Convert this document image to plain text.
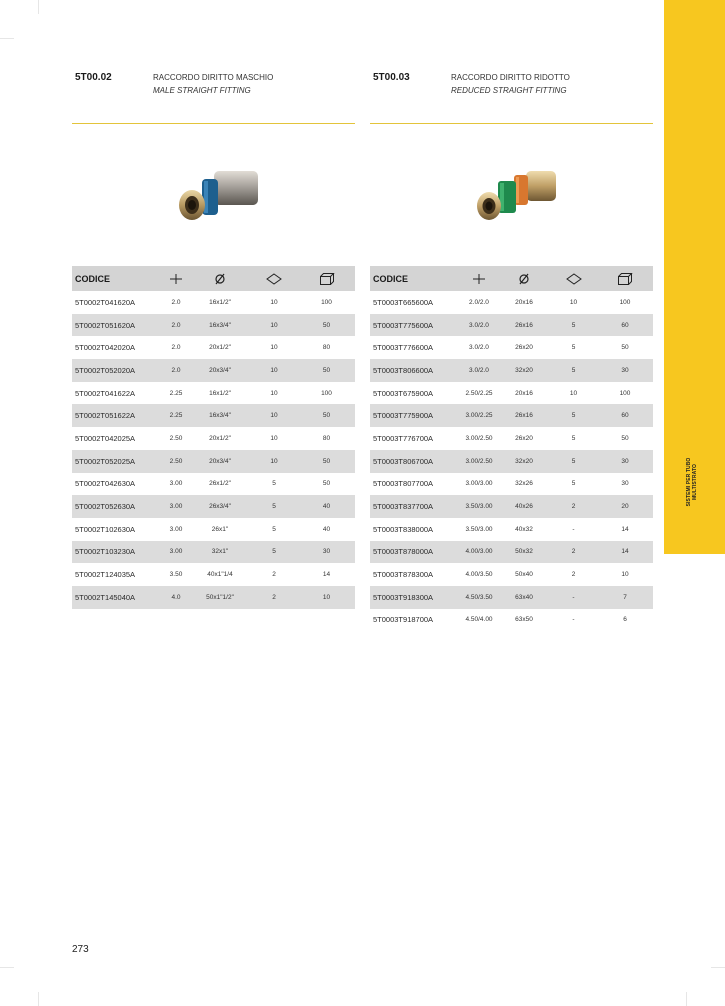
SISTEMI PER TUBO
MULTISTRATO
5T00.02	RACCORDO DIRITTO MASCHIO
MALE STRAIGHT FITTING
CODICE	

5T0002T041620A	2.0	16x1/2"	10	100
5T0002T051620A	2.0	16x3/4"	10	50
5T0002T042020A	2.0	20x1/2"	10	80
5T0002T052020A	2.0	20x3/4"	10	50
5T0002T041622A	2.25	16x1/2"	10	100
5T0002T051622A	2.25	16x3/4"	10	50
5T0002T042025A	2.50	20x1/2"	10	80
5T0002T052025A	2.50	20x3/4"	10	50
5T0002T042630A	3.00	26x1/2"	5	50
5T0002T052630A	3.00	26x3/4"	5	40
5T0002T102630A	3.00	26x1"	5	40
5T0002T103230A	3.00	32x1"	5	30
5T0002T124035A	3.50	40x1"1/4	2	14
5T0002T145040A	4.0	50x1"1/2"	2	10
5T00.03	RACCORDO DIRITTO RIDOTTO
REDUCED STRAIGHT FITTING
CODICE	

5T0003T665600A	2.0/2.0	20x16	10	100
5T0003T775600A	3.0/2.0	26x16	5	60
5T0003T776600A	3.0/2.0	26x20	5	50
5T0003T806600A	3.0/2.0	32x20	5	30
5T0003T675900A	2.50/2.25	20x16	10	100
5T0003T775900A	3.00/2.25	26x16	5	60
5T0003T776700A	3.00/2.50	26x20	5	50
5T0003T806700A	3.00/2.50	32x20	5	30
5T0003T807700A	3.00/3.00	32x26	5	30
5T0003T837700A	3.50/3.00	40x26	2	20
5T0003T838000A	3.50/3.00	40x32	-	14
5T0003T878000A	4.00/3.00	50x32	2	14
5T0003T878300A	4.00/3.50	50x40	2	10
5T0003T918300A	4.50/3.50	63x40	-	7
5T0003T918700A	4.50/4.00	63x50	-	6
273
